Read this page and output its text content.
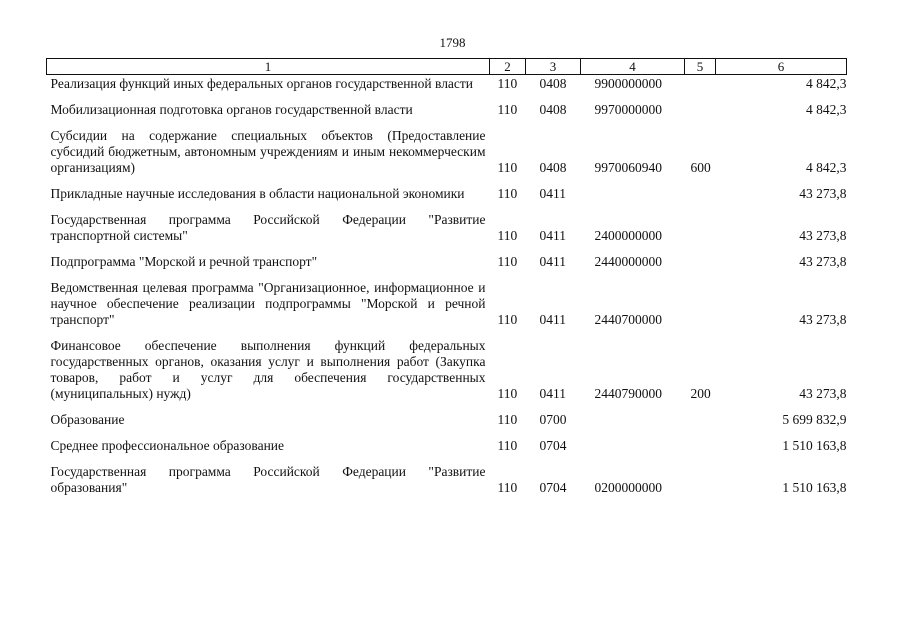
1798
1	2	3	4	5	6

Реализация функций иных федеральных органов государственной власти	110	0408	9900000000		4 842,3

Мобилизационная подготовка органов государственной власти	110	0408	9970000000		4 842,3

Субсидии на содержание специальных объектов (Предоставление субсидий бюджетным, автономным учреждениям и иным некоммерческим организациям)	110	0408	9970060940	600	4 842,3

Прикладные научные исследования в области национальной экономики	110	0411			43 273,8

Государственная программа Российской Федерации "Развитие транспортной системы"	110	0411	2400000000		43 273,8

Подпрограмма "Морской и речной транспорт"	110	0411	2440000000		43 273,8

Ведомственная целевая программа "Организационное, информационное и научное обеспечение реализации подпрограммы "Морской и речной транспорт"	110	0411	2440700000		43 273,8

Финансовое обеспечение выполнения функций федеральных государственных органов, оказания услуг и выполнения работ (Закупка товаров, работ и услуг для обеспечения государственных (муниципальных) нужд)	110	0411	2440790000	200	43 273,8

Образование	110	0700			5 699 832,9

Среднее профессиональное образование	110	0704			1 510 163,8

Государственная программа Российской Федерации "Развитие образования"	110	0704	0200000000		1 510 163,8
